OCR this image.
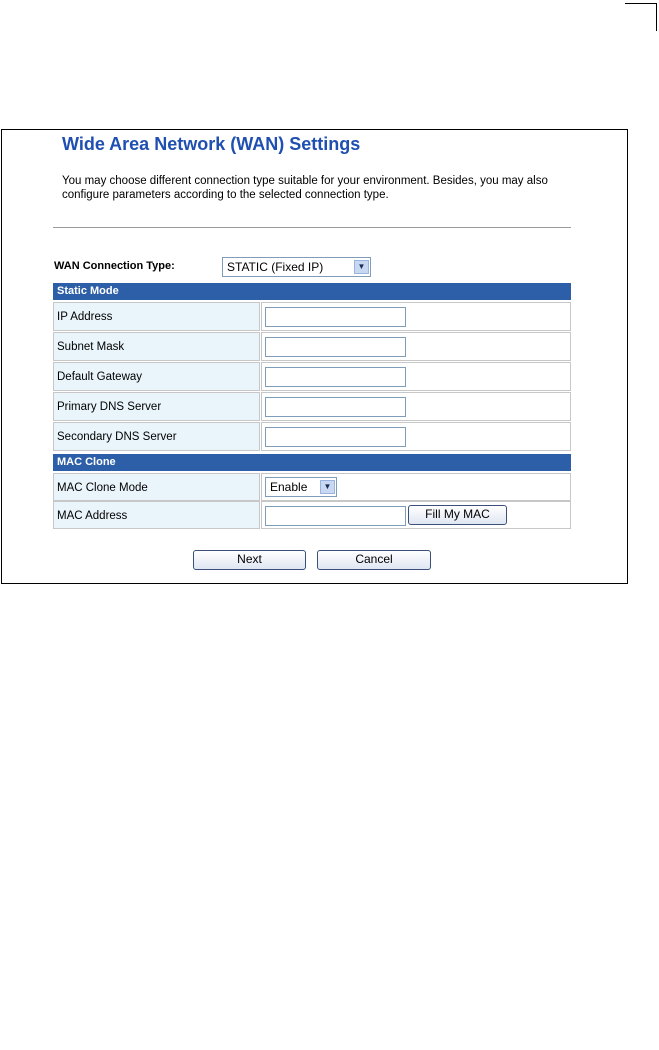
Wide Area Network (WAN) Settings

You may choose different connection type suitable for your environment. Besides, you may also configure parameters according to the selected connection type.

WAN Connection Type:	STATIC (Fixed IP)	▼
Static Mode
IP Address
Subnet Mask
Default Gateway
Primary DNS Server
Secondary DNS Server
MAC Clone
MAC Clone Mode	Enable	▼
MAC Address	Fill My MAC
Next	Cancel
